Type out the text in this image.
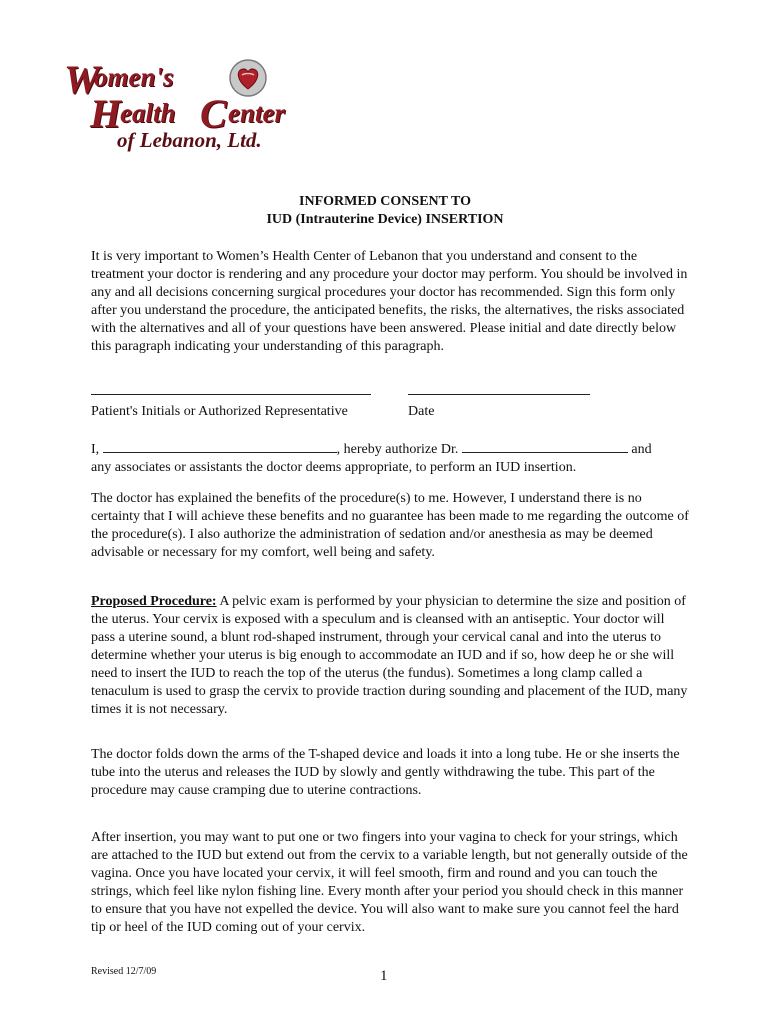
W
omen's
H
ealth C enter
of Lebanon, Ltd.
INFORMED CONSENT TO
IUD (Intrauterine Device) INSERTION

It is very important to Women’s Health Center of Lebanon that you understand and consent to the treatment your doctor is rendering and any procedure your doctor may perform. You should be involved in any and all decisions concerning surgical procedures your doctor has recommended. Sign this form only after you understand the procedure, the anticipated benefits, the risks, the alternatives, the risks associated with the alternatives and all of your questions have been answered. Please initial and date directly below this paragraph indicating your understanding of this paragraph.

Patient's Initials or Authorized Representative	Date

I,	, hereby authorize Dr.	and
any associates or assistants the doctor deems appropriate, to perform an IUD insertion.

The doctor has explained the benefits of the procedure(s) to me. However, I understand there is no certainty that I will achieve these benefits and no guarantee has been made to me regarding the outcome of the procedure(s). I also authorize the administration of sedation and/or anesthesia as may be deemed advisable or necessary for my comfort, well being and safety.

Proposed Procedure: A pelvic exam is performed by your physician to determine the size and position of the uterus. Your cervix is exposed with a speculum and is cleansed with an antiseptic. Your doctor will pass a uterine sound, a blunt rod-shaped instrument, through your cervical canal and into the uterus to determine whether your uterus is big enough to accommodate an IUD and if so, how deep he or she will need to insert the IUD to reach the top of the uterus (the fundus). Sometimes a long clamp called a tenaculum is used to grasp the cervix to provide traction during sounding and placement of the IUD, many times it is not necessary.

The doctor folds down the arms of the T-shaped device and loads it into a long tube. He or she inserts the tube into the uterus and releases the IUD by slowly and gently withdrawing the tube. This part of the procedure may cause cramping due to uterine contractions.

After insertion, you may want to put one or two fingers into your vagina to check for your strings, which are attached to the IUD but extend out from the cervix to a variable length, but not generally outside of the vagina. Once you have located your cervix, it will feel smooth, firm and round and you can touch the strings, which feel like nylon fishing line. Every month after your period you should check in this manner to ensure that you have not expelled the device. You will also want to make sure you cannot feel the hard tip or heel of the IUD coming out of your cervix.

Revised 12/7/09	1
